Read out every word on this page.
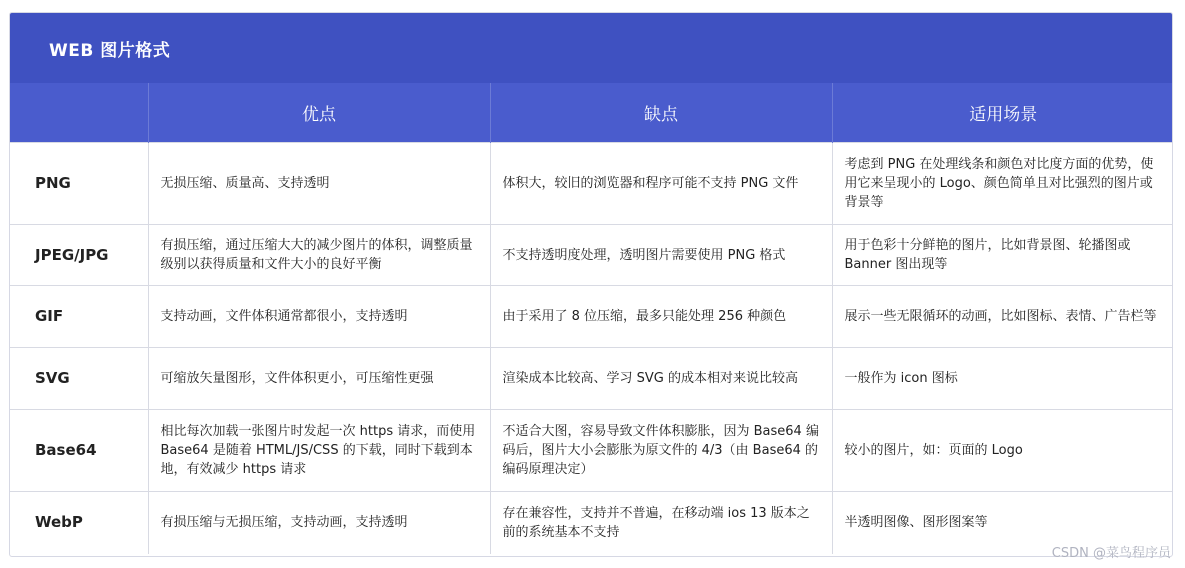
WEB 图片格式
	优点	缺点	适用场景
PNG	无损压缩、质量高、支持透明	体积大，较旧的浏览器和程序可能不支持 PNG 文件	考虑到 PNG 在处理线条和颜色对比度方面的优势，使用它来呈现小的 Logo、颜色简单且对比强烈的图片或背景等
JPEG/JPG	有损压缩，通过压缩大大的减少图片的体积，调整质量级别以获得质量和文件大小的良好平衡	不支持透明度处理，透明图片需要使用 PNG 格式	用于色彩十分鲜艳的图片，比如背景图、轮播图或 Banner 图出现等
GIF	支持动画，文件体积通常都很小，支持透明	由于采用了 8 位压缩，最多只能处理 256 种颜色	展示一些无限循环的动画，比如图标、表情、广告栏等
SVG	可缩放矢量图形，文件体积更小，可压缩性更强	渲染成本比较高、学习 SVG 的成本相对来说比较高	一般作为 icon 图标
Base64	相比每次加载一张图片时发起一次 https 请求，而使用 Base64 是随着 HTML/JS/CSS 的下载，同时下载到本地，有效减少 https 请求	不适合大图，容易导致文件体积膨胀，因为 Base64 编码后，图片大小会膨胀为原文件的 4/3（由 Base64 的编码原理决定）	较小的图片，如：页面的 Logo
WebP	有损压缩与无损压缩，支持动画，支持透明	存在兼容性，支持并不普遍，在移动端 ios 13 版本之前的系统基本不支持	半透明图像、图形图案等
CSDN @菜鸟程序员
